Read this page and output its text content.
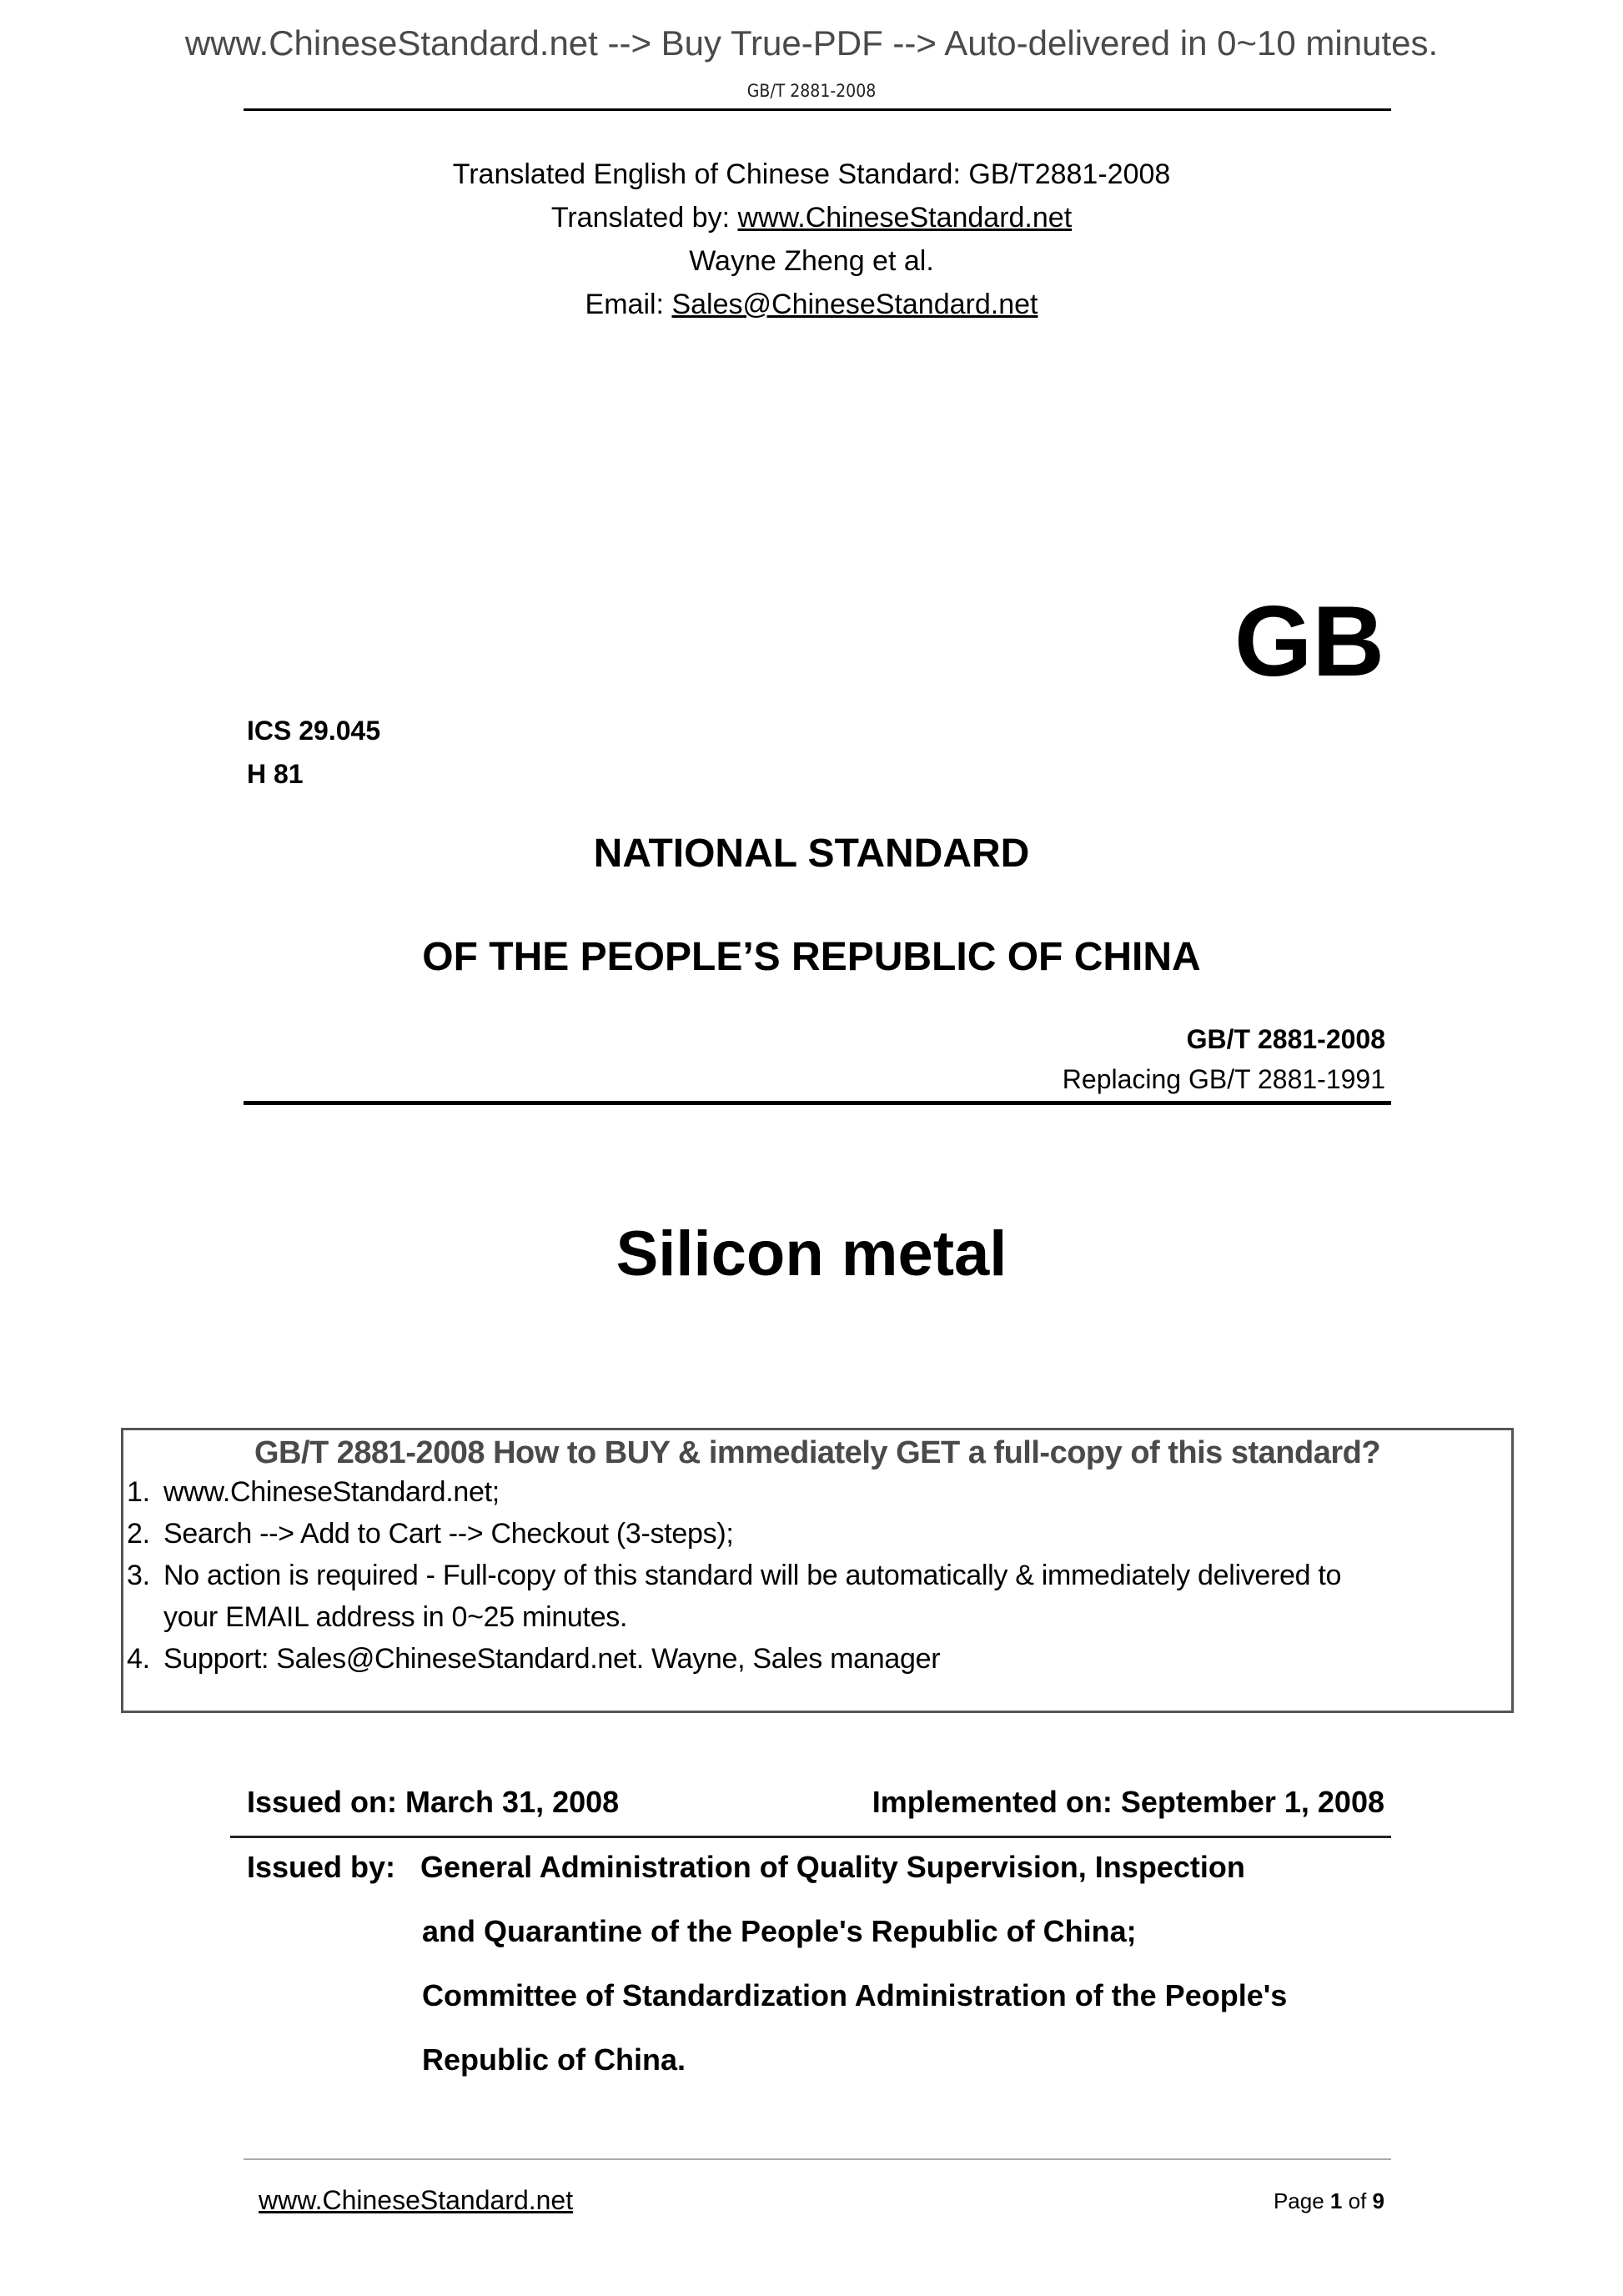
www.ChineseStandard.net --> Buy True-PDF --> Auto-delivered in 0~10 minutes.
GB/T 2881-2008
Translated English of Chinese Standard: GB/T2881-2008
Translated by: www.ChineseStandard.net
Wayne Zheng et al.
Email: Sales@ChineseStandard.net
GB
ICS 29.045
H 81
NATIONAL STANDARD
OF THE PEOPLE’S REPUBLIC OF CHINA
GB/T 2881-2008
Replacing GB/T 2881-1991
Silicon metal
GB/T 2881-2008 How to BUY & immediately GET a full-copy of this standard?
1. www.ChineseStandard.net;
2. Search --> Add to Cart --> Checkout (3-steps);
3. No action is required - Full-copy of this standard will be automatically & immediately delivered to
your EMAIL address in 0~25 minutes.
4. Support: Sales@ChineseStandard.net. Wayne, Sales manager
Issued on: March 31, 2008	Implemented on: September 1, 2008
Issued by: General Administration of Quality Supervision, Inspection
and Quarantine of the People's Republic of China;
Committee of Standardization Administration of the People's
Republic of China.
www.ChineseStandard.net	Page 1 of 9
